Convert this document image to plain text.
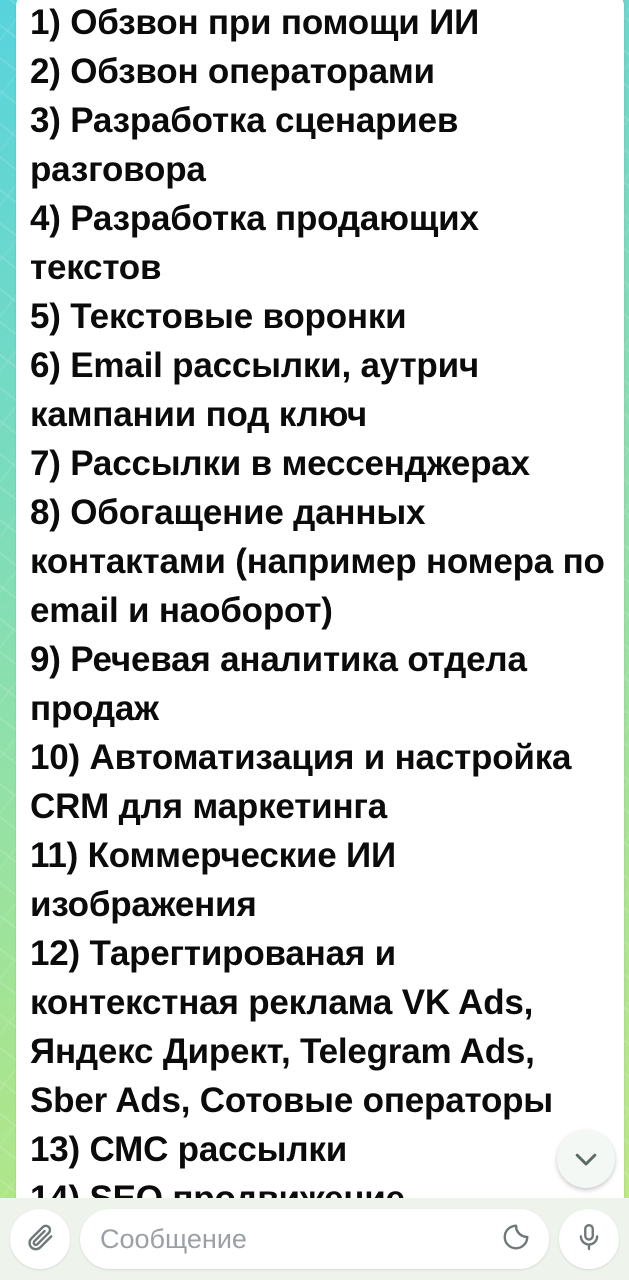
1) Обзвон при помощи ИИ
2) Обзвон операторами
3) Разработка сценариев разговора
4) Разработка продающих текстов
5) Текстовые воронки
6) Email рассылки, аутрич кампании под ключ
7) Рассылки в мессенджерах
8) Обогащение данных контактами (например номера по email и наоборот)
9) Речевая аналитика отдела продаж
10) Автоматизация и настройка CRM для маркетинга
11) Коммерческие ИИ изображения
12) Тарегтированая и контекстная реклама VK Ads, Яндекс Директ, Telegram Ads, Sber Ads, Сотовые операторы
13) СМС рассылки
Сообщение
